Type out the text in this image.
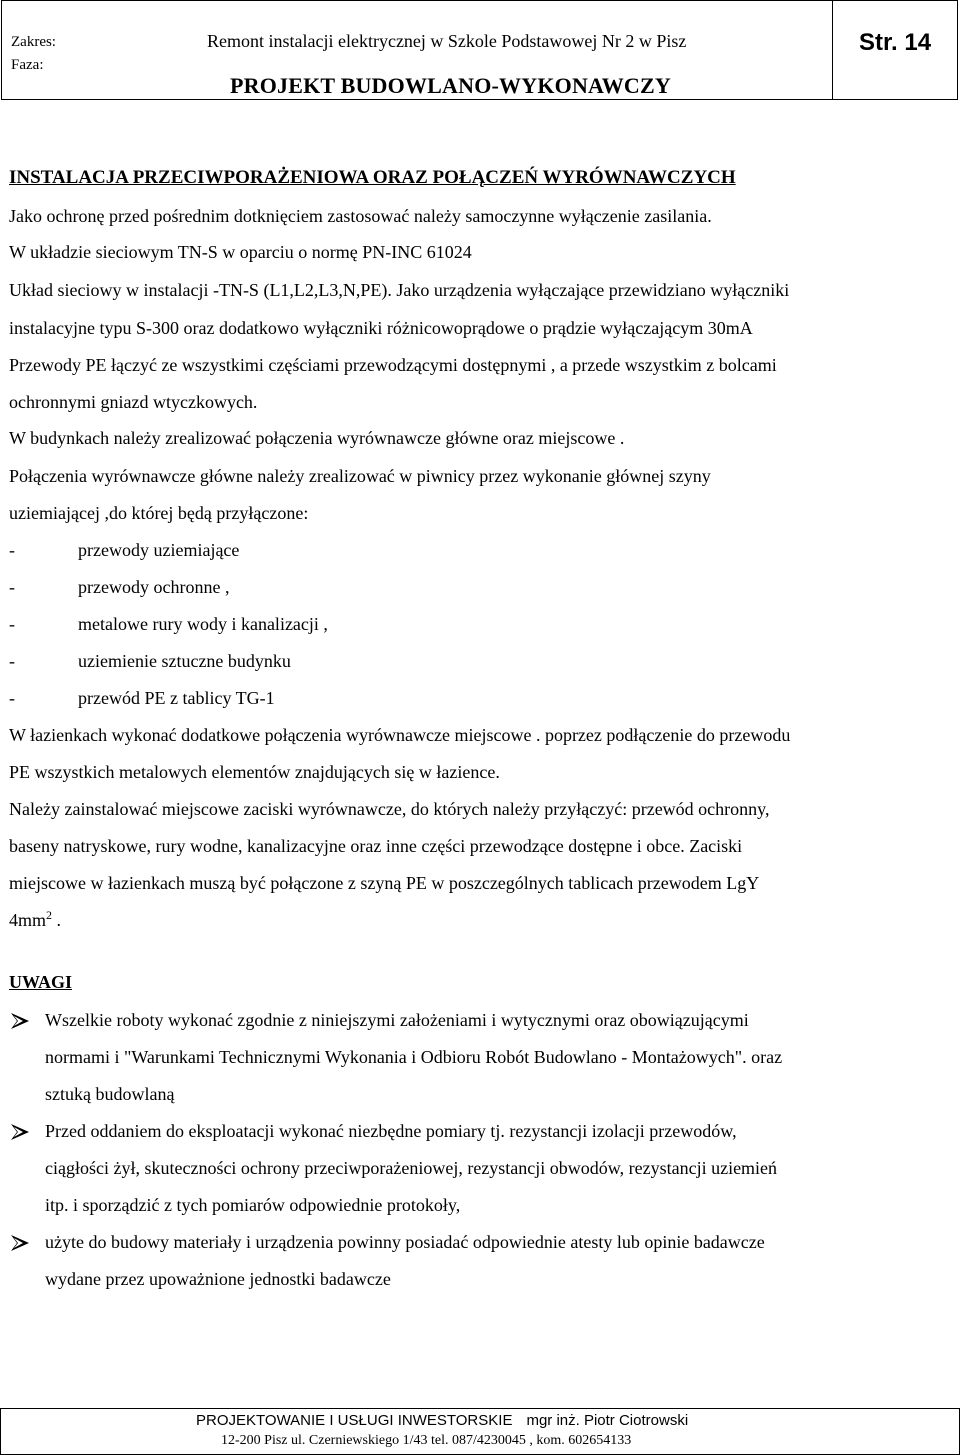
Zakres:
Faza:
Remont instalacji elektrycznej w Szkole Podstawowej Nr 2 w Pisz
PROJEKT BUDOWLANO-WYKONAWCZY
Str. 14
INSTALACJA PRZECIWPORAŻENIOWA ORAZ POŁĄCZEŃ WYRÓWNAWCZYCH
Jako ochronę przed pośrednim dotknięciem zastosować należy samoczynne wyłączenie zasilania.
W układzie sieciowym TN-S w oparciu o normę PN-INC 61024
Układ sieciowy w instalacji -TN-S (L1,L2,L3,N,PE). Jako urządzenia wyłączające przewidziano wyłączniki
instalacyjne typu S-300 oraz dodatkowo wyłączniki różnicowoprądowe o prądzie wyłączającym 30mA
Przewody PE łączyć ze wszystkimi częściami przewodzącymi dostępnymi , a przede wszystkim z bolcami
ochronnymi gniazd wtyczkowych.
W budynkach należy zrealizować połączenia wyrównawcze główne oraz miejscowe .
Połączenia wyrównawcze główne należy zrealizować w piwnicy przez wykonanie głównej szyny
uziemiającej ,do której będą przyłączone:
-	przewody uziemiające
-	przewody ochronne ,
-	metalowe rury wody i kanalizacji ,
-	uziemienie sztuczne budynku
-	przewód PE z tablicy TG-1
W łazienkach wykonać dodatkowe połączenia wyrównawcze miejscowe . poprzez podłączenie do przewodu
PE wszystkich metalowych elementów znajdujących się w łazience.
Należy zainstalować miejscowe zaciski wyrównawcze, do których należy przyłączyć: przewód ochronny,
baseny natryskowe, rury wodne, kanalizacyjne oraz inne części przewodzące dostępne i obce. Zaciski
miejscowe w łazienkach muszą być połączone z szyną PE w poszczególnych tablicach przewodem LgY
$4mm^2$ .
UWAGI
Wszelkie roboty wykonać zgodnie z niniejszymi założeniami i wytycznymi oraz obowiązującymi
normami i "Warunkami Technicznymi Wykonania i Odbioru Robót Budowlano - Montażowych". oraz
sztuką budowlaną
Przed oddaniem do eksploatacji wykonać niezbędne pomiary tj. rezystancji izolacji przewodów,
ciągłości żył, skuteczności ochrony przeciwporażeniowej, rezystancji obwodów, rezystancji uziemień
itp. i sporządzić z tych pomiarów odpowiednie protokoły,
użyte do budowy materiały i urządzenia powinny posiadać odpowiednie atesty lub opinie badawcze
wydane przez upoważnione jednostki badawcze
PROJEKTOWANIE I USŁUGI INWESTORSKIE mgr inż. Piotr Ciotrowski
12-200 Pisz ul. Czerniewskiego 1/43 tel. 087/4230045 , kom. 602654133
